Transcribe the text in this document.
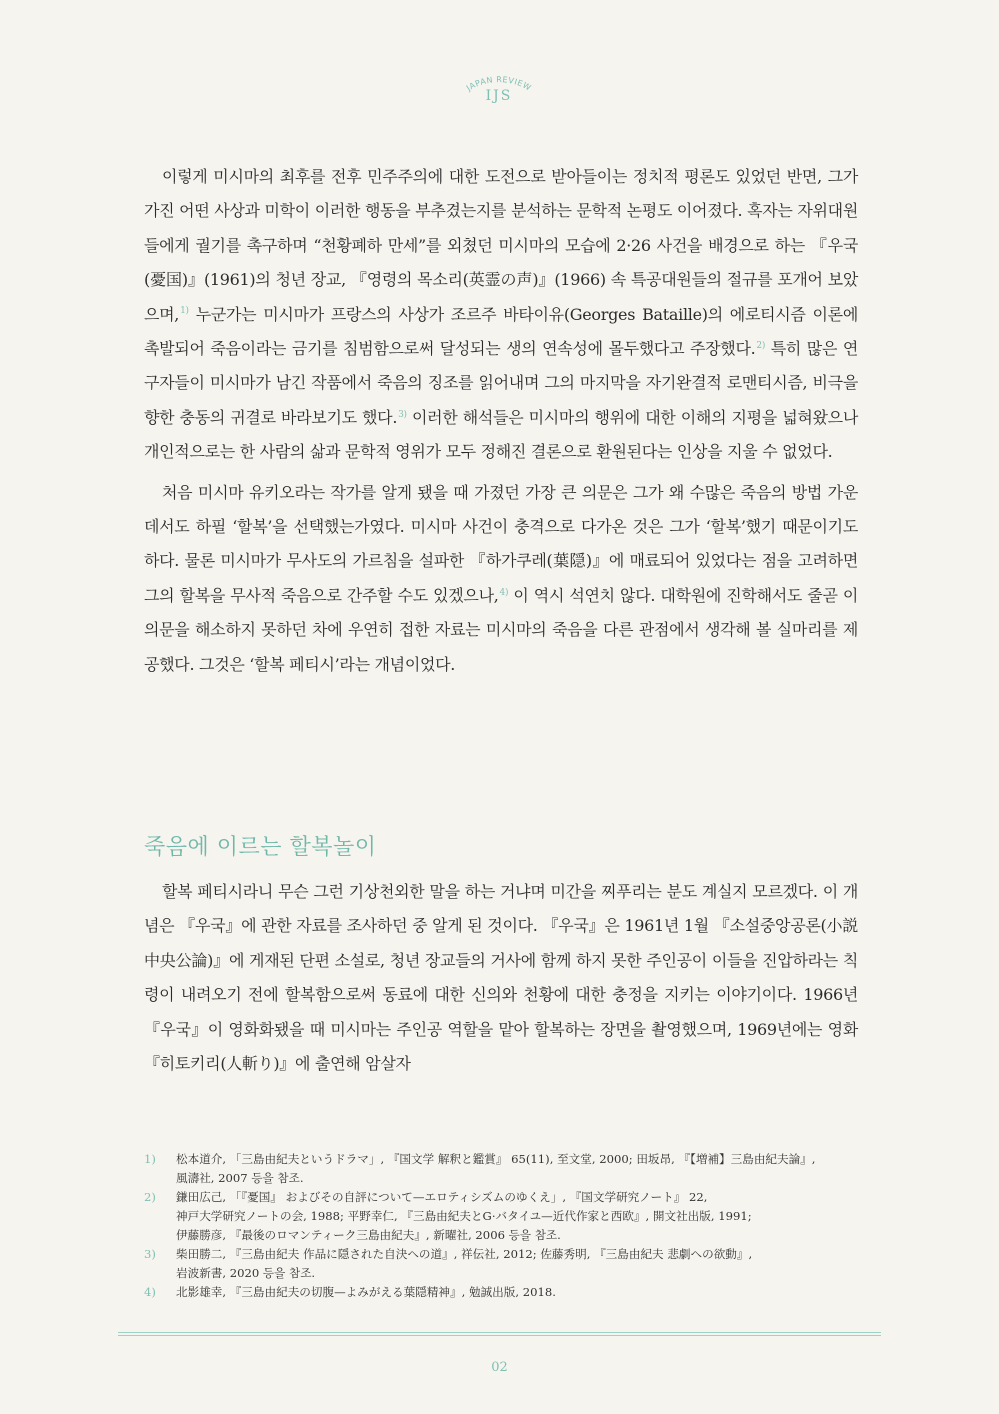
JAPAN REVIEW
IJS

이렇게 미시마의 최후를 전후 민주주의에 대한 도전으로 받아들이는 정치적 평론도 있었던 반면, 그가 가진 어떤 사상과 미학이 이러한 행동을 부추겼는지를 분석하는 문학적 논평도 이어졌다. 혹자는 자위대원들에게 궐기를 촉구하며 “천황폐하 만세”를 외쳤던 미시마의 모습에 2·26 사건을 배경으로 하는 『우국(憂国)』(1961)의 청년 장교, 『영령의 목소리(英霊の声)』(1966) 속 특공대원들의 절규를 포개어 보았으며,$^{1)}$ 누군가는 미시마가 프랑스의 사상가 조르주 바타이유(Georges Bataille)의 에로티시즘 이론에 촉발되어 죽음이라는 금기를 침범함으로써 달성되는 생의 연속성에 몰두했다고 주장했다.$^{2)}$ 특히 많은 연구자들이 미시마가 남긴 작품에서 죽음의 징조를 읽어내며 그의 마지막을 자기완결적 로맨티시즘, 비극을 향한 충동의 귀결로 바라보기도 했다.$^{3)}$ 이러한 해석들은 미시마의 행위에 대한 이해의 지평을 넓혀왔으나 개인적으로는 한 사람의 삶과 문학적 영위가 모두 정해진 결론으로 환원된다는 인상을 지울 수 없었다.

처음 미시마 유키오라는 작가를 알게 됐을 때 가졌던 가장 큰 의문은 그가 왜 수많은 죽음의 방법 가운데서도 하필 ‘할복’을 선택했는가였다. 미시마 사건이 충격으로 다가온 것은 그가 ‘할복’했기 때문이기도 하다. 물론 미시마가 무사도의 가르침을 설파한 『하가쿠레(葉隠)』에 매료되어 있었다는 점을 고려하면 그의 할복을 무사적 죽음으로 간주할 수도 있겠으나,$^{4)}$ 이 역시 석연치 않다. 대학원에 진학해서도 줄곧 이 의문을 해소하지 못하던 차에 우연히 접한 자료는 미시마의 죽음을 다른 관점에서 생각해 볼 실마리를 제공했다. 그것은 ‘할복 페티시’라는 개념이었다.

죽음에 이르는 할복놀이

할복 페티시라니 무슨 그런 기상천외한 말을 하는 거냐며 미간을 찌푸리는 분도 계실지 모르겠다. 이 개념은 『우국』에 관한 자료를 조사하던 중 알게 된 것이다. 『우국』은 1961년 1월 『소설중앙공론(小説中央公論)』에 게재된 단편 소설로, 청년 장교들의 거사에 함께 하지 못한 주인공이 이들을 진압하라는 칙령이 내려오기 전에 할복함으로써 동료에 대한 신의와 천황에 대한 충정을 지키는 이야기이다. 1966년 『우국』이 영화화됐을 때 미시마는 주인공 역할을 맡아 할복하는 장면을 촬영했으며, 1969년에는 영화 『히토키리(人斬り)』에 출연해 암살자

1)	松本道介, 「三島由紀夫というドラマ」, 『国文学 解釈と鑑賞』 65(11), 至文堂, 2000; 田坂昂, 『【増補】三島由紀夫論』,
風濤社, 2007 등을 참조.
2)	鎌田広己, 「『憂国』 およびその自評について—エロティシズムのゆくえ」, 『国文学研究ノート』 22,
神戸大学研究ノートの会, 1988; 平野幸仁, 『三島由紀夫とG·バタイユ—近代作家と西欧』, 開文社出版, 1991;
伊藤勝彦, 『最後のロマンティーク三島由紀夫』, 新曜社, 2006 등을 참조.
3)	柴田勝二, 『三島由紀夫 作品に隠された自決への道』, 祥伝社, 2012; 佐藤秀明, 『三島由紀夫 悲劇への欲動』,
岩波新書, 2020 등을 참조.
4)	北影雄幸, 『三島由紀夫の切腹—よみがえる葉隠精神』, 勉誠出版, 2018.
02
